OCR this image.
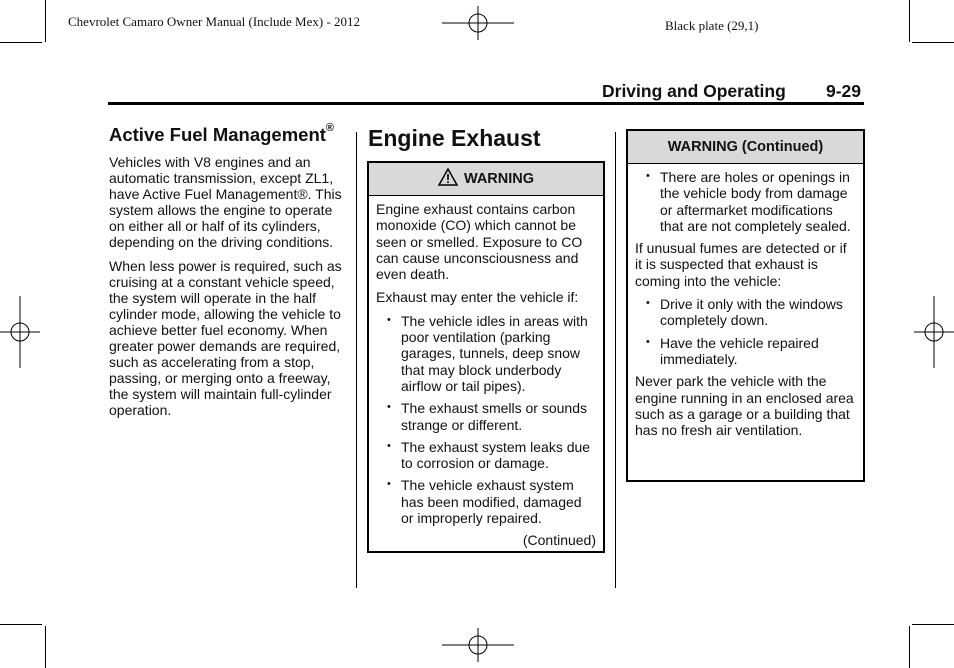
Chevrolet Camaro Owner Manual (Include Mex) - 2012	Black plate (29,1)
Driving and Operating 9-29
Active Fuel Management®

Vehicles with V8 engines and an automatic transmission, except ZL1, have Active Fuel Management®. This system allows the engine to operate on either all or half of its cylinders, depending on the driving conditions.

When less power is required, such as cruising at a constant vehicle speed, the system will operate in the half cylinder mode, allowing the vehicle to achieve better fuel economy. When greater power demands are required, such as accelerating from a stop, passing, or merging onto a freeway, the system will maintain full-cylinder operation.

Engine Exhaust
WARNING

Engine exhaust contains carbon monoxide (CO) which cannot be seen or smelled. Exposure to CO can cause unconsciousness and even death.

Exhaust may enter the vehicle if:

• The vehicle idles in areas with poor ventilation (parking garages, tunnels, deep snow that may block underbody airflow or tail pipes).
• The exhaust smells or sounds strange or different.
• The exhaust system leaks due to corrosion or damage.
• The vehicle exhaust system has been modified, damaged or improperly repaired.
(Continued)
WARNING (Continued)
• There are holes or openings in the vehicle body from damage or aftermarket modifications that are not completely sealed.

If unusual fumes are detected or if it is suspected that exhaust is coming into the vehicle:

• Drive it only with the windows completely down.
• Have the vehicle repaired immediately.

Never park the vehicle with the engine running in an enclosed area such as a garage or a building that has no fresh air ventilation.
